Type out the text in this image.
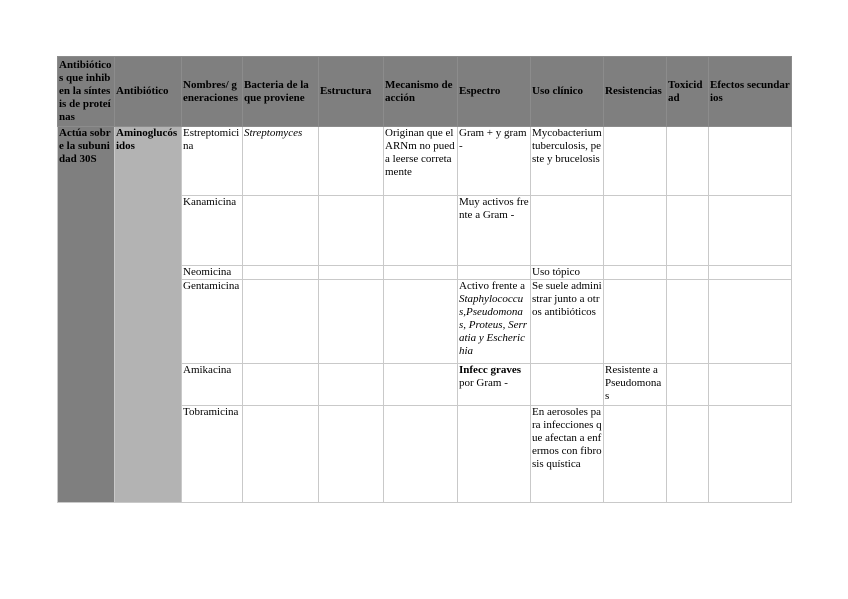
Antibióticos que inhiben la síntesis de proteínas	Antibiótico	Nombres/ generaciones	Bacteria de la que proviene	Estructura	Mecanismo de acción	Espectro	Uso clínico	Resistencias	Toxicidad	Efectos secundarios
Actúa sobre la subunidad 30S	Aminoglucósidos	Estreptomicina	Streptomyces		Originan que el ARNm no pueda leerse corretamente	Gram + y gram -	Mycobacterium tuberculosis, peste y brucelosis			
		Kanamicina				Muy activos frente a Gram -				
		Neomicina					Uso tópico			
		Gentamicina				Activo frente a Staphylococcus,Pseudomonas, Proteus, Serratia y Escherichia	Se suele administrar junto a otros antibióticos			
		Amikacina				Infecc graves por Gram -		Resistente a Pseudomonas		
		Tobramicina					En aerosoles para infecciones que afectan a enfermos con fibrosis quística			
